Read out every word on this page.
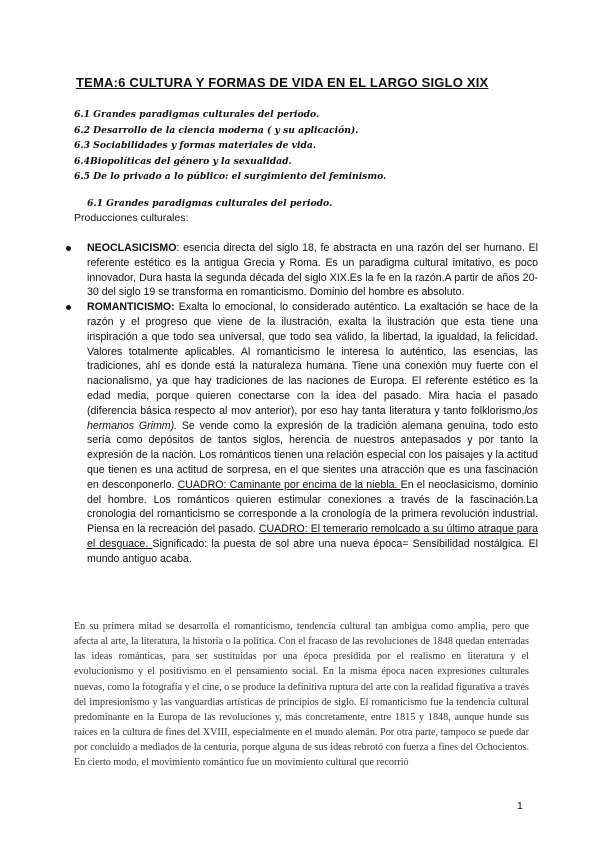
TEMA:6 CULTURA Y FORMAS DE VIDA EN EL LARGO SIGLO XIX
6.1 Grandes paradigmas culturales del periodo.
6.2 Desarrollo de la ciencia moderna ( y su aplicación).
6.3 Sociabilidades y formas materiales de vida.
6.4Biopolíticas del género y la sexualidad.
6.5 De lo privado a lo público: el surgimiento del feminismo.
6.1 Grandes paradigmas culturales del periodo.
Producciones culturales:
NEOCLASICISMO: esencia directa del siglo 18, fe abstracta en una razón del ser humano. El referente estético es la antigua Grecia y Roma. Es un paradigma cultural imitativo, es poco innovador, Dura hasta la segunda década del siglo XIX.Es la fe en la razón.A partir de años 20-30 del siglo 19 se transforma en romanticismo. Dominio del hombre es absoluto.
ROMANTICISMO: Exalta lo emocional, lo considerado auténtico. La exaltación se hace de la razón y el progreso que viene de la ilustración, exalta la ilustración que esta tiene una inspiración a que todo sea universal, que todo sea válido, la libertad, la igualdad, la felicidad. Valores totalmente aplicables. Al romanticismo le interesa lo auténtico, las esencias, las tradiciones, ahí es donde está la naturaleza humana. Tiene una conexión muy fuerte con el nacionalismo, ya que hay tradiciones de las naciones de Europa. El referente estético es la edad media, porque quieren conectarse con la idea del pasado. Mira hacia el pasado (diferencia básica respecto al mov anterior), por eso hay tanta literatura y tanto folklorismo,los hermanos Grimm). Se vende como la expresión de la tradición alemana genuina, todo esto sería como depósitos de tantos siglos, herencia de nuestros antepasados y por tanto la expresión de la nación. Los románticos tienen una relación especial con los paisajes y la actitud que tienen es una actitud de sorpresa, en el que sientes una atracción que es una fascinación en desconponerlo. CUADRO: Caminante por encima de la niebla. En el neoclasicismo, dominio del hombre. Los románticos quieren estimular conexiones a través de la fascinación.La cronologia del romanticismo se corresponde a la cronología de la primera revolución industrial. Piensa en la recreación del pasado. CUADRO: El temerario remolcado a su último atraque para el desguace. Significado: la puesta de sol abre una nueva época= Sensibilidad nostálgica. El mundo antiguo acaba.
En su primera mitad se desarrolla el romanticismo, tendencia cultural tan ambigua como amplia, pero que afecta al arte, la literatura, la historia o la política. Con el fracaso de las revoluciones de 1848 quedan enterradas las ideas románticas, para ser sustituidas por una época presidida por el realismo en literatura y el evolucionismo y el positivismo en el pensamiento social. En la misma época nacen expresiones culturales nuevas, como la fotografía y el cine, o se produce la definitiva ruptura del arte con la realidad figurativa a través del impresionismo y las vanguardias artísticas de principios de siglo. El romanticismo fue la tendencia cultural predominante en la Europa de las revoluciones y, más concretamente, entre 1815 y 1848, aunque hunde sus raíces en la cultura de fines del XVIII, especialmente en el mundo alemán. Por otra parte, tampoco se puede dar por concluido a mediados de la centuria, porque alguna de sus ideas rebrotó con fuerza a fines del Ochocientos. En cierto modo, el movimiento romántico fue un movimiento cultural que recorrió
1
